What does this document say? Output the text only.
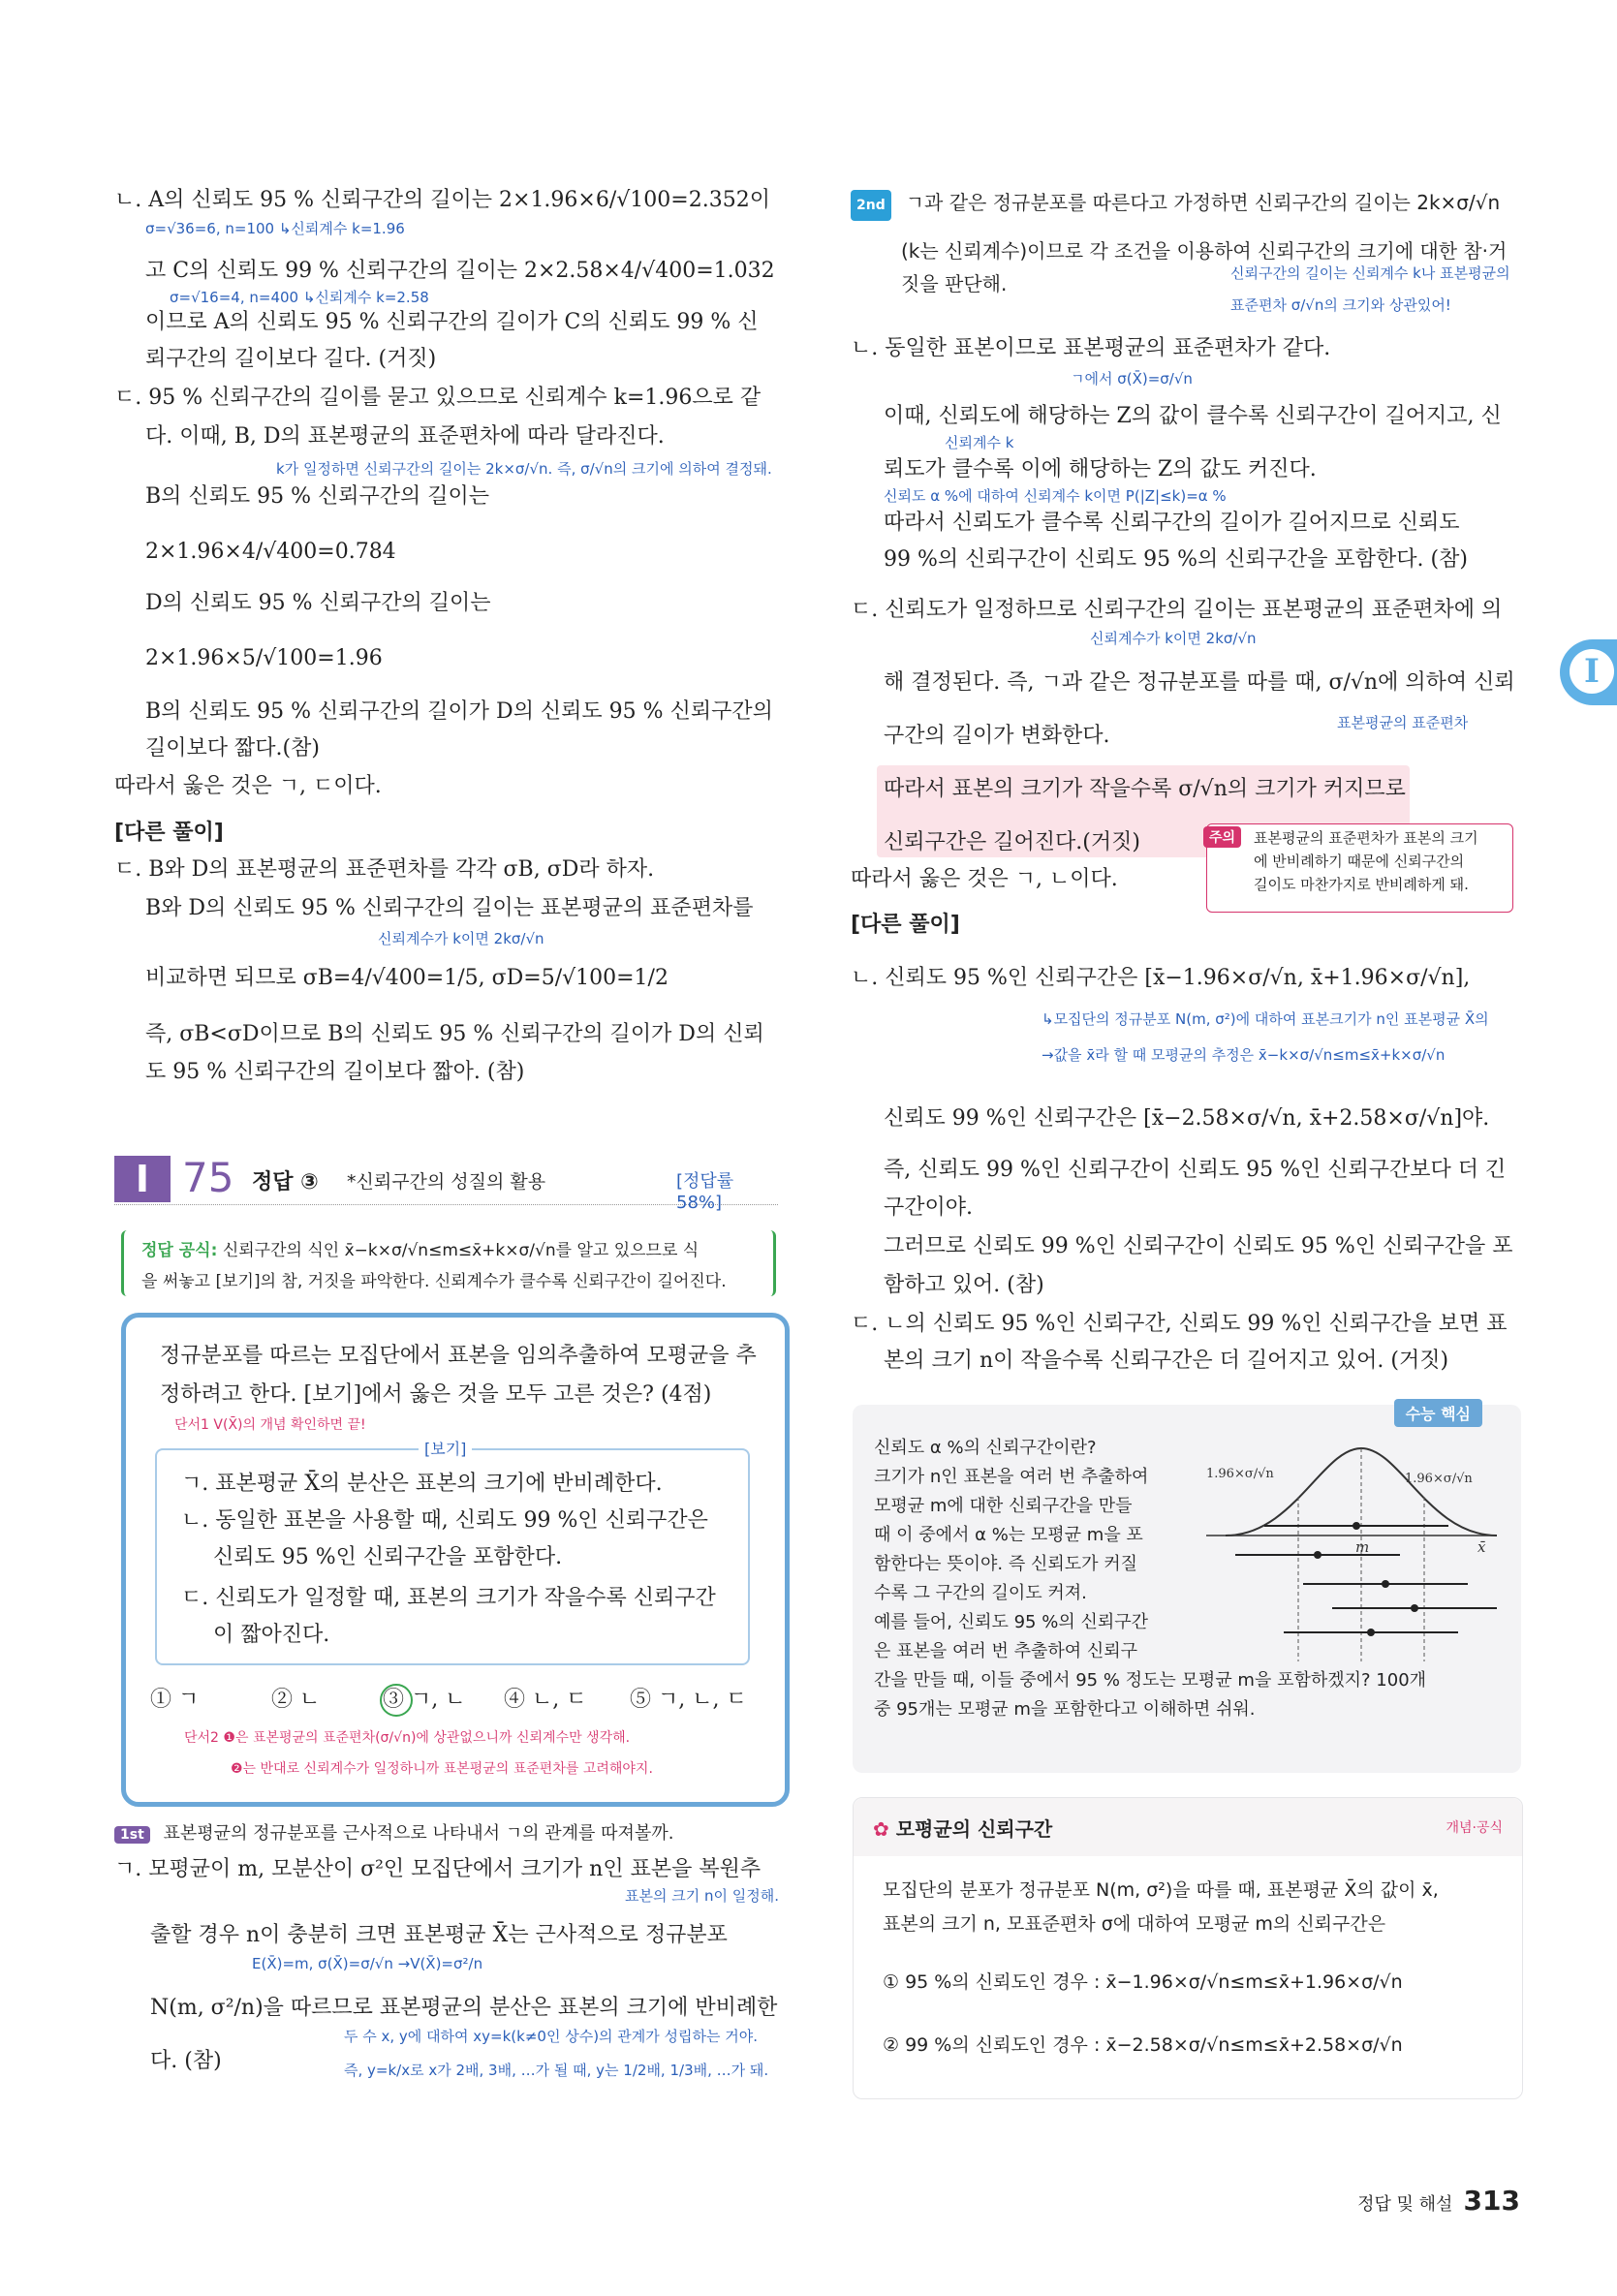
ㄴ. A의 신뢰도 95 % 신뢰구간의 길이는 2×1.96×6/√100=2.352이
σ=√36=6, n=100 ↳신뢰계수 k=1.96
고 C의 신뢰도 99 % 신뢰구간의 길이는 2×2.58×4/√400=1.032
σ=√16=4, n=400 ↳신뢰계수 k=2.58
이므로 A의 신뢰도 95 % 신뢰구간의 길이가 C의 신뢰도 99 % 신
뢰구간의 길이보다 길다. (거짓)
ㄷ. 95 % 신뢰구간의 길이를 묻고 있으므로 신뢰계수 k=1.96으로 같
다. 이때, B, D의 표본평균의 표준편차에 따라 달라진다.
k가 일정하면 신뢰구간의 길이는 2k×σ/√n. 즉, σ/√n의 크기에 의하여 결정돼.
B의 신뢰도 95 % 신뢰구간의 길이는
2×1.96×4/√400=0.784
D의 신뢰도 95 % 신뢰구간의 길이는
2×1.96×5/√100=1.96
B의 신뢰도 95 % 신뢰구간의 길이가 D의 신뢰도 95 % 신뢰구간의
길이보다 짧다.(참)
따라서 옳은 것은 ㄱ, ㄷ이다.
[다른 풀이]
ㄷ. B와 D의 표본평균의 표준편차를 각각 σB, σD라 하자.
B와 D의 신뢰도 95 % 신뢰구간의 길이는 표본평균의 표준편차를
신뢰계수가 k이면 2kσ/√n
비교하면 되므로 σB=4/√400=1/5, σD=5/√100=1/2
즉, σB<σD이므로 B의 신뢰도 95 % 신뢰구간의 길이가 D의 신뢰
도 95 % 신뢰구간의 길이보다 짧아. (참)
I 75 정답 ③ *신뢰구간의 성질의 활용	[정답률 58%]
정답 공식: 신뢰구간의 식인 x̄−k×σ/√n≤m≤x̄+k×σ/√n를 알고 있으므로 식
을 써놓고 [보기]의 참, 거짓을 파악한다. 신뢰계수가 클수록 신뢰구간이 길어진다.
정규분포를 따르는 모집단에서 표본을 임의추출하여 모평균을 추
정하려고 한다. [보기]에서 옳은 것을 모두 고른 것은? (4점)
단서1 V(X̄)의 개념 확인하면 끝!
[보기]
ㄱ. 표본평균 X̄의 분산은 표본의 크기에 반비례한다.
ㄴ. 동일한 표본을 사용할 때, 신뢰도 99 %인 신뢰구간은
신뢰도 95 %인 신뢰구간을 포함한다.
ㄷ. 신뢰도가 일정할 때, 표본의 크기가 작을수록 신뢰구간
이 짧아진다.
① ㄱ	② ㄴ	③ ㄱ, ㄴ ④ ㄴ, ㄷ ⑤ ㄱ, ㄴ, ㄷ
단서2 ❶은 표본평균의 표준편차(σ/√n)에 상관없으니까 신뢰계수만 생각해.
❷는 반대로 신뢰계수가 일정하니까 표본평균의 표준편차를 고려해야지.
1st 표본평균의 정규분포를 근사적으로 나타내서 ㄱ의 관계를 따져볼까.
ㄱ. 모평균이 m, 모분산이 σ²인 모집단에서 크기가 n인 표본을 복원추
표본의 크기 n이 일정해.
출할 경우 n이 충분히 크면 표본평균 X̄는 근사적으로 정규분포
E(X̄)=m, σ(X̄)=σ/√n →V(X̄)=σ²/n
N(m, σ²/n)을 따르므로 표본평균의 분산은 표본의 크기에 반비례한
두 수 x, y에 대하여 xy=k(k≠0인 상수)의 관계가 성립하는 거야.
다. (참)	즉, y=k/x로 x가 2배, 3배, …가 될 때, y는 1/2배, 1/3배, …가 돼.
2nd ㄱ과 같은 정규분포를 따른다고 가정하면 신뢰구간의 길이는 2k×σ/√n
(k는 신뢰계수)이므로 각 조건을 이용하여 신뢰구간의 크기에 대한 참·거
신뢰구간의 길이는 신뢰계수 k나 표본평균의
짓을 판단해.
표준편차 σ/√n의 크기와 상관있어!
ㄴ. 동일한 표본이므로 표본평균의 표준편차가 같다.
ㄱ에서 σ(X̄)=σ/√n
이때, 신뢰도에 해당하는 Z의 값이 클수록 신뢰구간이 길어지고, 신
신뢰계수 k
뢰도가 클수록 이에 해당하는 Z의 값도 커진다.
신뢰도 α %에 대하여 신뢰계수 k이면 P(|Z|≤k)=α %
따라서 신뢰도가 클수록 신뢰구간의 길이가 길어지므로 신뢰도
99 %의 신뢰구간이 신뢰도 95 %의 신뢰구간을 포함한다. (참)
ㄷ. 신뢰도가 일정하므로 신뢰구간의 길이는 표본평균의 표준편차에 의
신뢰계수가 k이면 2kσ/√n
해 결정된다. 즉, ㄱ과 같은 정규분포를 따를 때, σ/√n에 의하여 신뢰
표본평균의 표준편차
구간의 길이가 변화한다.
따라서 표본의 크기가 작을수록 σ/√n의 크기가 커지므로
신뢰구간은 길어진다.(거짓)	주의	표본평균의 표준편차가 표본의 크기
에 반비례하기 때문에 신뢰구간의
길이도 마찬가지로 반비례하게 돼.
따라서 옳은 것은 ㄱ, ㄴ이다.
[다른 풀이]
ㄴ. 신뢰도 95 %인 신뢰구간은 [x̄−1.96×σ/√n, x̄+1.96×σ/√n],
↳모집단의 정규분포 N(m, σ²)에 대하여 표본크기가 n인 표본평균 X̄의
→값을 x̄라 할 때 모평균의 추정은 x̄−k×σ/√n≤m≤x̄+k×σ/√n
신뢰도 99 %인 신뢰구간은 [x̄−2.58×σ/√n, x̄+2.58×σ/√n]야.
즉, 신뢰도 99 %인 신뢰구간이 신뢰도 95 %인 신뢰구간보다 더 긴
구간이야.
그러므로 신뢰도 99 %인 신뢰구간이 신뢰도 95 %인 신뢰구간을 포
함하고 있어. (참)
ㄷ. ㄴ의 신뢰도 95 %인 신뢰구간, 신뢰도 99 %인 신뢰구간을 보면 표
본의 크기 n이 작을수록 신뢰구간은 더 길어지고 있어. (거짓)
수능 핵심
신뢰도 α %의 신뢰구간이란?
크기가 n인 표본을 여러 번 추출하여
모평균 m에 대한 신뢰구간을 만들
때 이 중에서 α %는 모평균 m을 포
함한다는 뜻이야. 즉 신뢰도가 커질
수록 그 구간의 길이도 커져.
예를 들어, 신뢰도 95 %의 신뢰구간
은 표본을 여러 번 추출하여 신뢰구
간을 만들 때, 이들 중에서 95 % 정도는 모평균 m을 포함하겠지? 100개
중 95개는 모평균 m을 포함한다고 이해하면 쉬워.
1.96×σ/√n	1.96×σ/√n
m	x̄
✿ 모평균의 신뢰구간	개념·공식
모집단의 분포가 정규분포 N(m, σ²)을 따를 때, 표본평균 X̄의 값이 x̄,
표본의 크기 n, 모표준편차 σ에 대하여 모평균 m의 신뢰구간은
① 95 %의 신뢰도인 경우 : x̄−1.96×σ/√n≤m≤x̄+1.96×σ/√n
② 99 %의 신뢰도인 경우 : x̄−2.58×σ/√n≤m≤x̄+2.58×σ/√n
I
정답 및 해설 313
